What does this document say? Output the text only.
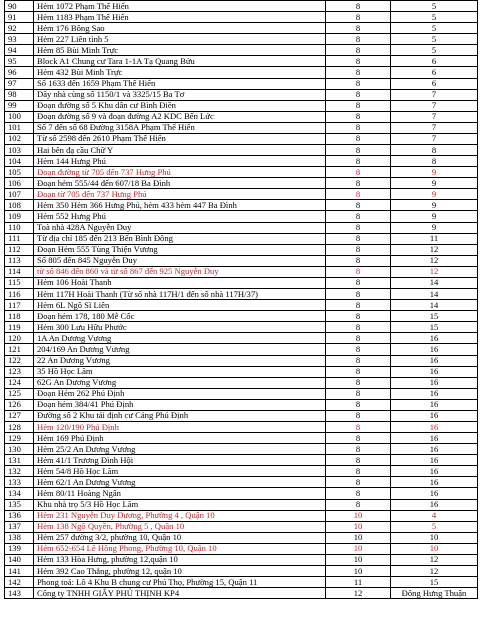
90	Hẻm 1072 Phạm Thế Hiển	8	5
91	Hẻm 1183 Phạm Thế Hiển	8	5
92	Hẻm 176 Bông Sao	8	5
93	Hẻm 227 Liên tỉnh 5	8	5
94	Hẻm 85 Bùi Minh Trực	8	5
95	Block A1 Chung cư Tara 1-1A Tạ Quang Bửu	8	6
96	Hẻm 432 Bùi Minh Trực	8	6
97	Số 1633 đến 1659 Phạm Thế Hiển	8	6
98	Dãy nhà cùng số 1150/1 và 3325/15 Ba Tơ	8	7
99	Đoạn đường số 5 Khu dân cư Bình Điền	8	7
100	Đoạn đường số 9 và đoạn đường A2 KDC Bến Lức	8	7
101	Số 7 đến số 68 Đường 3158A Phạm Thế Hiển	8	7
102	Từ số 2598 đến 2610 Phạm Thế Hiển	8	7
103	Hai bên đạ cầu Chữ Y	8	8
104	Hẻm 144 Hưng Phú	8	8
105	Đoạn đường từ 705 đến 737 Hưng Phú	8	9
106	Đoạn hẻm 555/44 đến 607/18 Ba Đình	8	9
107	Đoạn từ 705 đến 737 Hưng Phú	8	9
108	Hẻm 350 Hẻm 366 Hưng Phú, hẻm 433 hẻm 447 Ba Đình	8	9
109	Hẻm 552 Hưng Phú	8	9
110	Toà nhà 428A Nguyễn Duy	8	9
111	Từ địa chỉ 185 đến 213 Bến Bình Đông	8	11
112	Đoạn Hẻm 555 Tùng Thiện Vương	8	12
113	Số 805 đến 845 Nguyễn Duy	8	12
114	từ số 846 đến 860 và từ số 867 đến 925 Nguyễn Duy	8	12
115	Hẻm 106 Hoài Thanh	8	14
116	Hẻm 117H Hoài Thanh (Từ số nhà 117H/1 đến số nhà 117H/37)	8	14
117	Hẻm 6L Ngô Sĩ Liên	8	14
118	Đoạn hẻm 178, 180 Mễ Cốc	8	15
119	Hẻm 300 Lưu Hữu Phước	8	15
120	1A An Dương Vương	8	16
121	204/169 An Dương Vương	8	16
122	22 An Dương Vương	8	16
123	35 Hồ Học Lãm	8	16
124	62G An Dương Vương	8	16
125	Đoạn Hẻm 262 Phú Định	8	16
126	Đoạn hẻm 384/41 Phú Định	8	16
127	Đường số 2 Khu tái định cư Cảng Phú Định	8	16
128	Hẻm 120/190 Phú Định	8	16
129	Hẻm 169 Phú Định	8	16
130	Hẻm 25/2 An Dương Vương	8	16
131	Hẻm 41/1 Trương Đình Hội	8	16
132	Hẻm 54/8 Hồ Học Lãm	8	16
133	Hẻm 62/1 An Dương Vương	8	16
134	Hẻm 80/11 Hoàng Ngân	8	16
135	Khu nhà trọ 5/3 Hồ Học Lãm	8	16
136	Hẻm 231 Nguyễn Duy Dương, Phường 4 , Quận 10	10	4
137	Hẻm 138 Ngô Quyền, Phường 5 , Quận 10	10	5
138	Hẻm 257 đường 3/2, phường 10, Quận 10	10	10
139	Hẻm 652-654 Lê Hồng Phong, Phường 10, Quận 10	10	10
140	Hẻm 133 Hòa Hưng, phường 12,quận 10	10	12
141	Hẻm 392 Cao Thắng, phường 12, quận 10	10	12
142	Phong toả: Lô 4 Khu B chung cư Phú Thọ, Phường 15, Quận 11	11	15
143	Công ty TNHH GIẤY PHÚ THỊNH KP4	12	Đông Hưng Thuận
